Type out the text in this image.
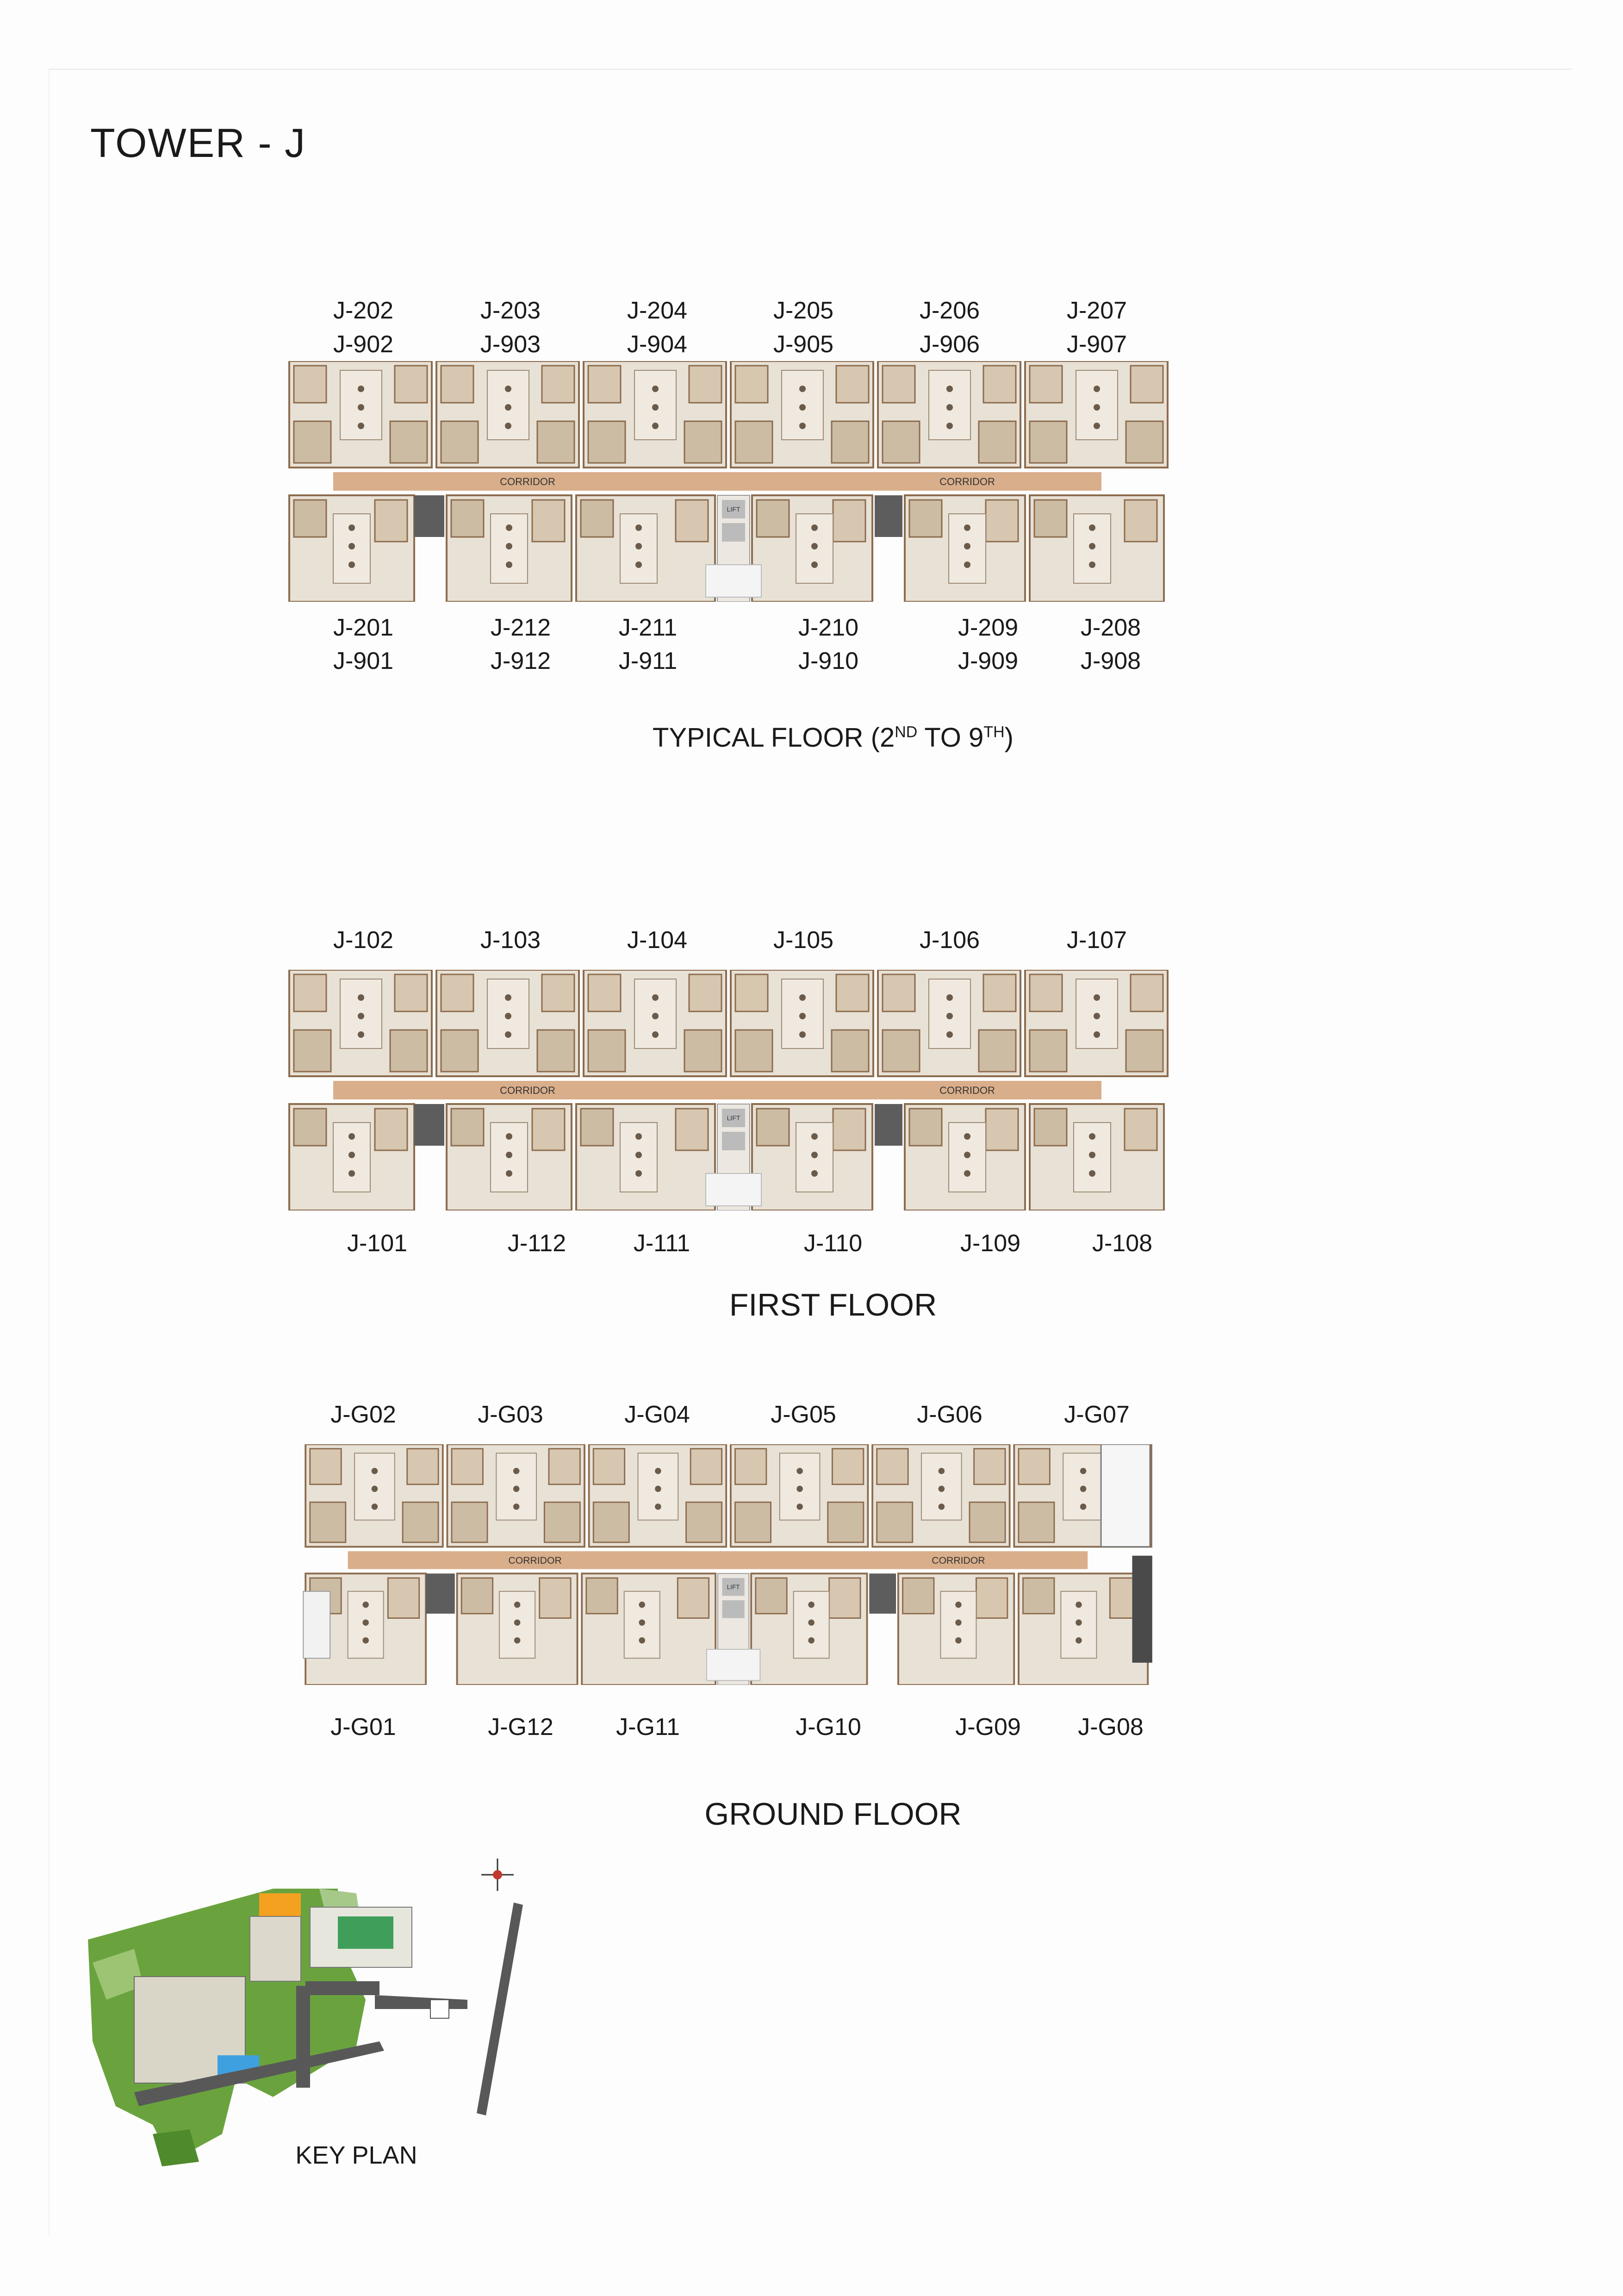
TOWER - J
J-202	J-203	J-204	J-205	J-206	J-207
J-902	J-903	J-904	J-905	J-906	J-907
CORRIDOR	CORRIDOR
LIFT
J-201	J-212	J-211	J-210	J-209	J-208
J-901	J-912	J-911	J-910	J-909	J-908
TYPICAL FLOOR (2ND TO 9TH)
J-102	J-103	J-104	J-105	J-106	J-107
CORRIDOR	CORRIDOR
LIFT
J-101	J-112	J-111	J-110	J-109	J-108
FIRST FLOOR
J-G02	J-G03	J-G04	J-G05	J-G06	J-G07
CORRIDOR	CORRIDOR
LIFT
J-G01	J-G12	J-G11	J-G10	J-G09	J-G08
GROUND FLOOR
KEY PLAN
